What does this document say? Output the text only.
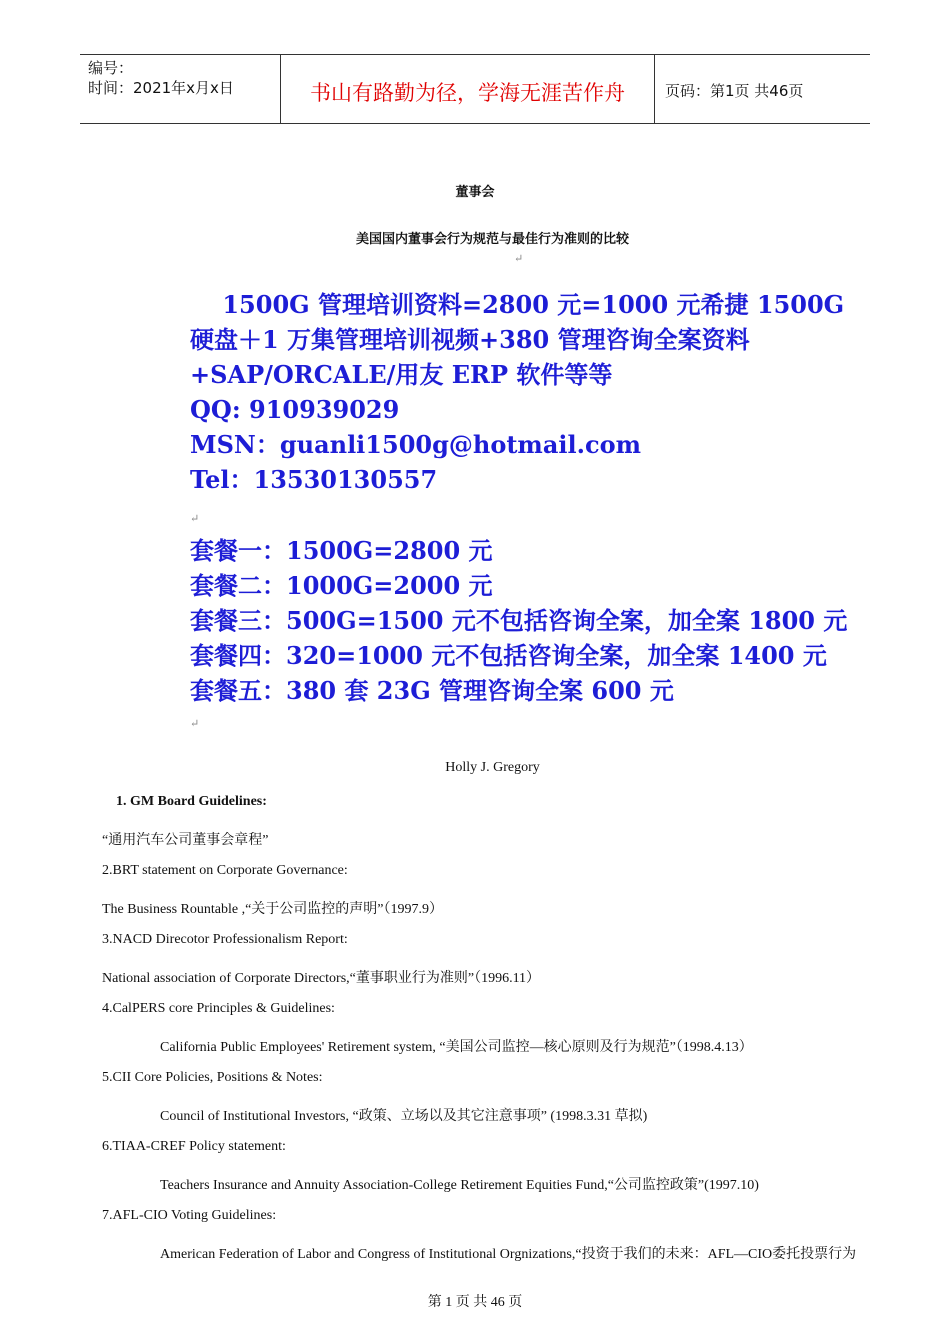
编号：
时间：2021年x月x日	书山有路勤为径，学海无涯苦作舟	页码：第1页 共46页
董事会
美国国内董事会行为规范与最佳行为准则的比较
↵
　 1500G 管理培训资料=2800 元=1000 元希捷 1500G
硬盘＋1 万集管理培训视频+380 管理咨询全案资料
+SAP/ORCALE/用友 ERP 软件等等
QQ: 910939029
MSN：guanli1500g@hotmail.com
Tel：13530130557
套餐一：1500G=2800 元
套餐二：1000G=2000 元
套餐三：500G=1500 元不包括咨询全案，加全案 1800 元
套餐四：320=1000 元不包括咨询全案，加全案 1400 元
套餐五：380 套 23G 管理咨询全案 600 元
↵
↵
Holly J. Gregory
1. GM Board Guidelines:
“通用汽车公司董事会章程”
2.BRT statement on Corporate Governance:
The Business Rountable ,“关于公司监控的声明”（1997.9）
3.NACD Direcotor Professionalism Report:
National association of Corporate Directors,“董事职业行为准则”（1996.11）
4.CalPERS core Principles & Guidelines:
California Public Employees' Retirement system, “美国公司监控—核心原则及行为规范”（1998.4.13）
5.CII Core Policies, Positions & Notes:
Council of Institutional Investors, “政策、立场以及其它注意事项” (1998.3.31 草拟)
6.TIAA-CREF Policy statement:
Teachers Insurance and Annuity Association-College Retirement Equities Fund,“公司监控政策”(1997.10)
7.AFL-CIO Voting Guidelines:
American Federation of Labor and Congress of Institutional Orgnizations,“投资于我们的未来：AFL—CIO委托投票行为
第 1 页 共 46 页
